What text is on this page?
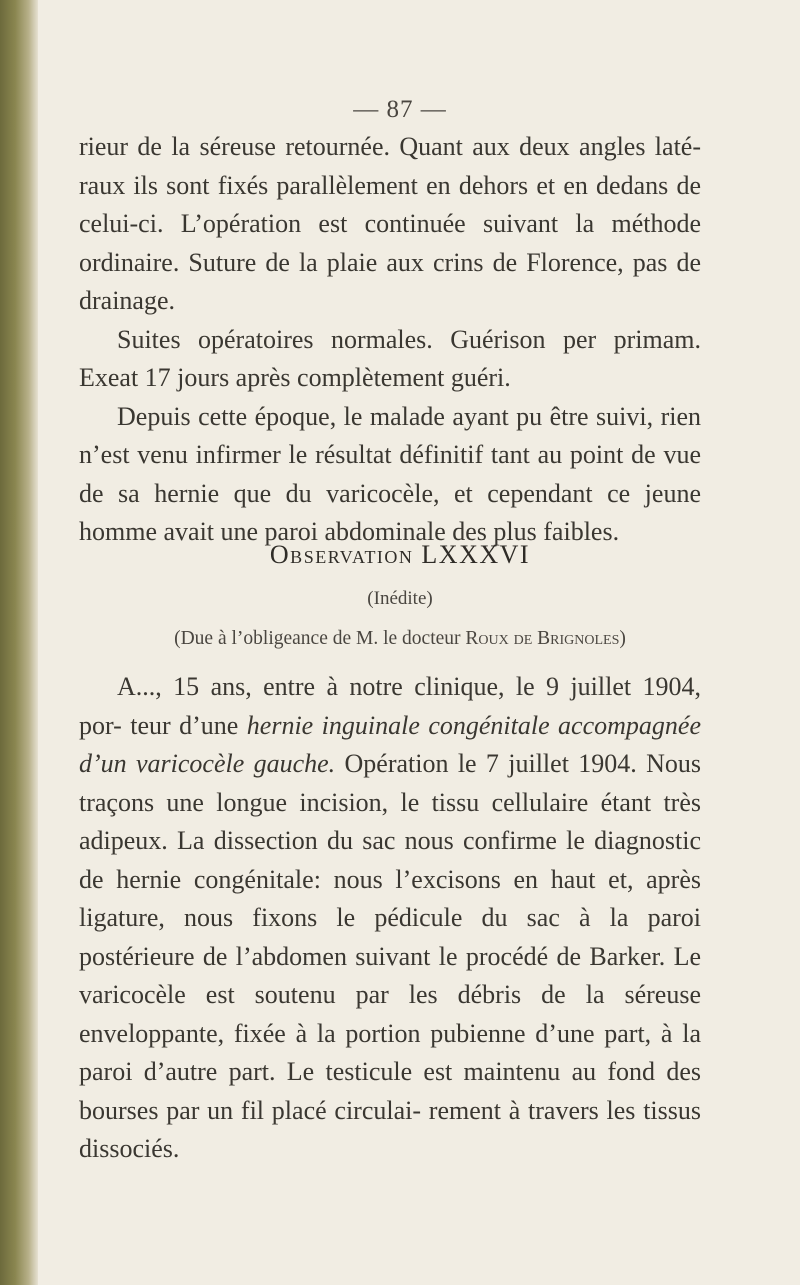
— 87 —

rieur de la séreuse retournée. Quant aux deux angles laté- raux ils sont fixés parallèlement en dehors et en dedans de celui-ci. L’opération est continuée suivant la méthode ordinaire. Suture de la plaie aux crins de Florence, pas de drainage.

Suites opératoires normales. Guérison per primam. Exeat 17 jours après complètement guéri.

Depuis cette époque, le malade ayant pu être suivi, rien n’est venu infirmer le résultat définitif tant au point de vue de sa hernie que du varicocèle, et cependant ce jeune homme avait une paroi abdominale des plus faibles.

Observation LXXXVI
(Inédite)
(Due à l’obligeance de M. le docteur Roux de Brignoles)

A..., 15 ans, entre à notre clinique, le 9 juillet 1904, por- teur d’une hernie inguinale congénitale accompagnée d’un varicocèle gauche. Opération le 7 juillet 1904. Nous traçons une longue incision, le tissu cellulaire étant très adipeux. La dissection du sac nous confirme le diagnostic de hernie congénitale: nous l’excisons en haut et, après ligature, nous fixons le pédicule du sac à la paroi postérieure de l’abdomen suivant le procédé de Barker. Le varicocèle est soutenu par les débris de la séreuse enveloppante, fixée à la portion pubienne d’une part, à la paroi d’autre part. Le testicule est maintenu au fond des bourses par un fil placé circulai- rement à travers les tissus dissociés.
